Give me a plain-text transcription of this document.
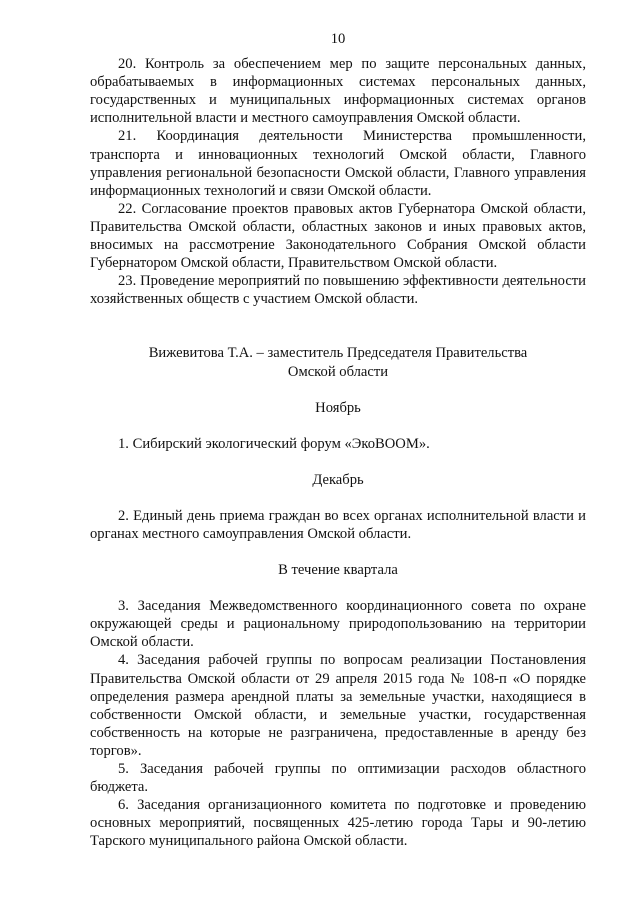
10

20. Контроль за обеспечением мер по защите персональных данных, обрабатываемых в информационных системах персональных данных, государственных и муниципальных информационных системах органов исполнительной власти и местного самоуправления Омской области.

21. Координация деятельности Министерства промышленности, транспорта и инновационных технологий Омской области, Главного управления региональной безопасности Омской области, Главного управления информационных технологий и связи Омской области.

22. Согласование проектов правовых актов Губернатора Омской области, Правительства Омской области, областных законов и иных правовых актов, вносимых на рассмотрение Законодательного Собрания Омской области Губернатором Омской области, Правительством Омской области.

23. Проведение мероприятий по повышению эффективности деятельности хозяйственных обществ с участием Омской области.

Вижевитова Т.А. – заместитель Председателя Правительства

Омской области

Ноябрь

1. Сибирский экологический форум «ЭкоBOOM».

Декабрь

2. Единый день приема граждан во всех органах исполнительной власти и органах местного самоуправления Омской области.

В течение квартала

3. Заседания Межведомственного координационного совета по охране окружающей среды и рациональному природопользованию на территории Омской области.

4. Заседания рабочей группы по вопросам реализации Постановления Правительства Омской области от 29 апреля 2015 года № 108-п «О порядке определения размера арендной платы за земельные участки, находящиеся в собственности Омской области, и земельные участки, государственная собственность на которые не разграничена, предоставленные в аренду без торгов».

5. Заседания рабочей группы по оптимизации расходов областного бюджета.

6. Заседания организационного комитета по подготовке и проведению основных мероприятий, посвященных 425-летию города Тары и 90-летию Тарского муниципального района Омской области.
